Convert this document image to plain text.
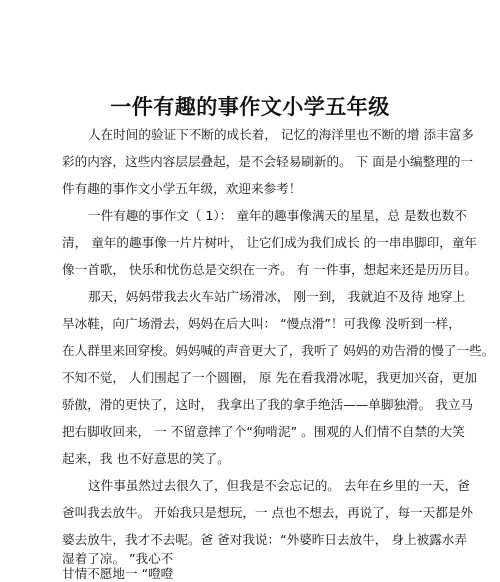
一件有趣的事作文小学五年级
人在时间的验证下不断的成长着， 记忆的海洋里也不断的增 添丰富多
彩的内容，这些内容层层叠起，是不会轻易刷新的。 下 面是小编整理的一
件有趣的事作文小学五年级，欢迎来参考！
一件有趣的事作文（ 1）： 童年的趣事像满天的星星，总 是数也数不
清， 童年的趣事像一片片树叶， 让它们成为我们成长 的一串串脚印，童年
像一首歌， 快乐和忧伤总是交织在一齐。 有 一件事，想起来还是历历目。
那天，妈妈带我去火车站广场滑冰， 刚一到， 我就迫不及待 地穿上
旱冰鞋，向广场滑去，妈妈在后大叫： “慢点滑”！可我像 没听到一样，
在人群里来回穿梭。妈妈喊的声音更大了，我听了 妈妈的劝告滑的慢了一些。
不知不觉， 人们围起了一个圆圈， 原 先在看我滑冰呢，我更加兴奋，更加
骄傲，滑的更快了，这时， 我拿出了我的拿手绝活——单脚独滑。 我立马
把右脚收回来， 一 不留意摔了个“狗啃泥” 。围观的人们情不自禁的大笑
起来，我 也不好意思的笑了。
这件事虽然过去很久了，但我是不会忘记的。 去年在乡里的一天，爸
爸叫我去放牛。 开始我只是想玩，一 点也不想去，再说了，每一天都是外
婆去放牛，我才不去呢。爸 爸对我说：“外婆昨日去放牛， 身上被露水弄
湿着了凉。 ”我心不
甘情不愿地一 “噔噔
